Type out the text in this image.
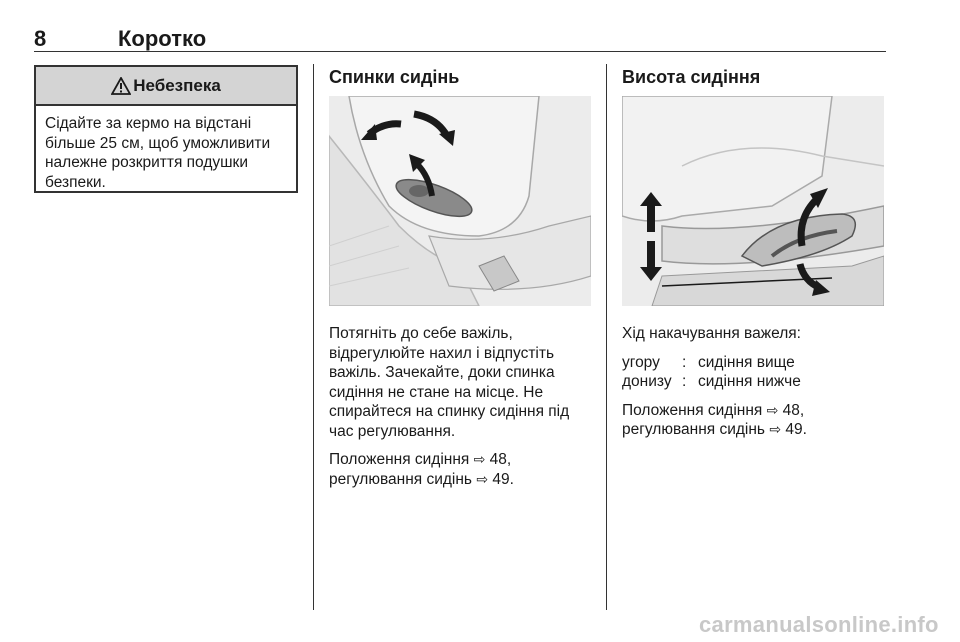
8	Коротко
Небезпека
Сідайте за кермо на відстані більше 25 см, щоб уможливити належне розкриття подушки безпеки.
Спинки сидінь

Потягніть до себе важіль, відрегулюйте нахил і відпустіть важіль. Зачекайте, доки спинка сидіння не стане на місце. Не спирайтеся на спинку сидіння під час регулювання.

Положення сидіння ⇨ 48,
регулювання сидінь ⇨ 49.

Висота сидіння

Хід накачування важеля:

угору	: сидіння вище
донизу : сидіння нижче

Положення сидіння ⇨ 48,
регулювання сидінь ⇨ 49.

carmanualsonline.info
